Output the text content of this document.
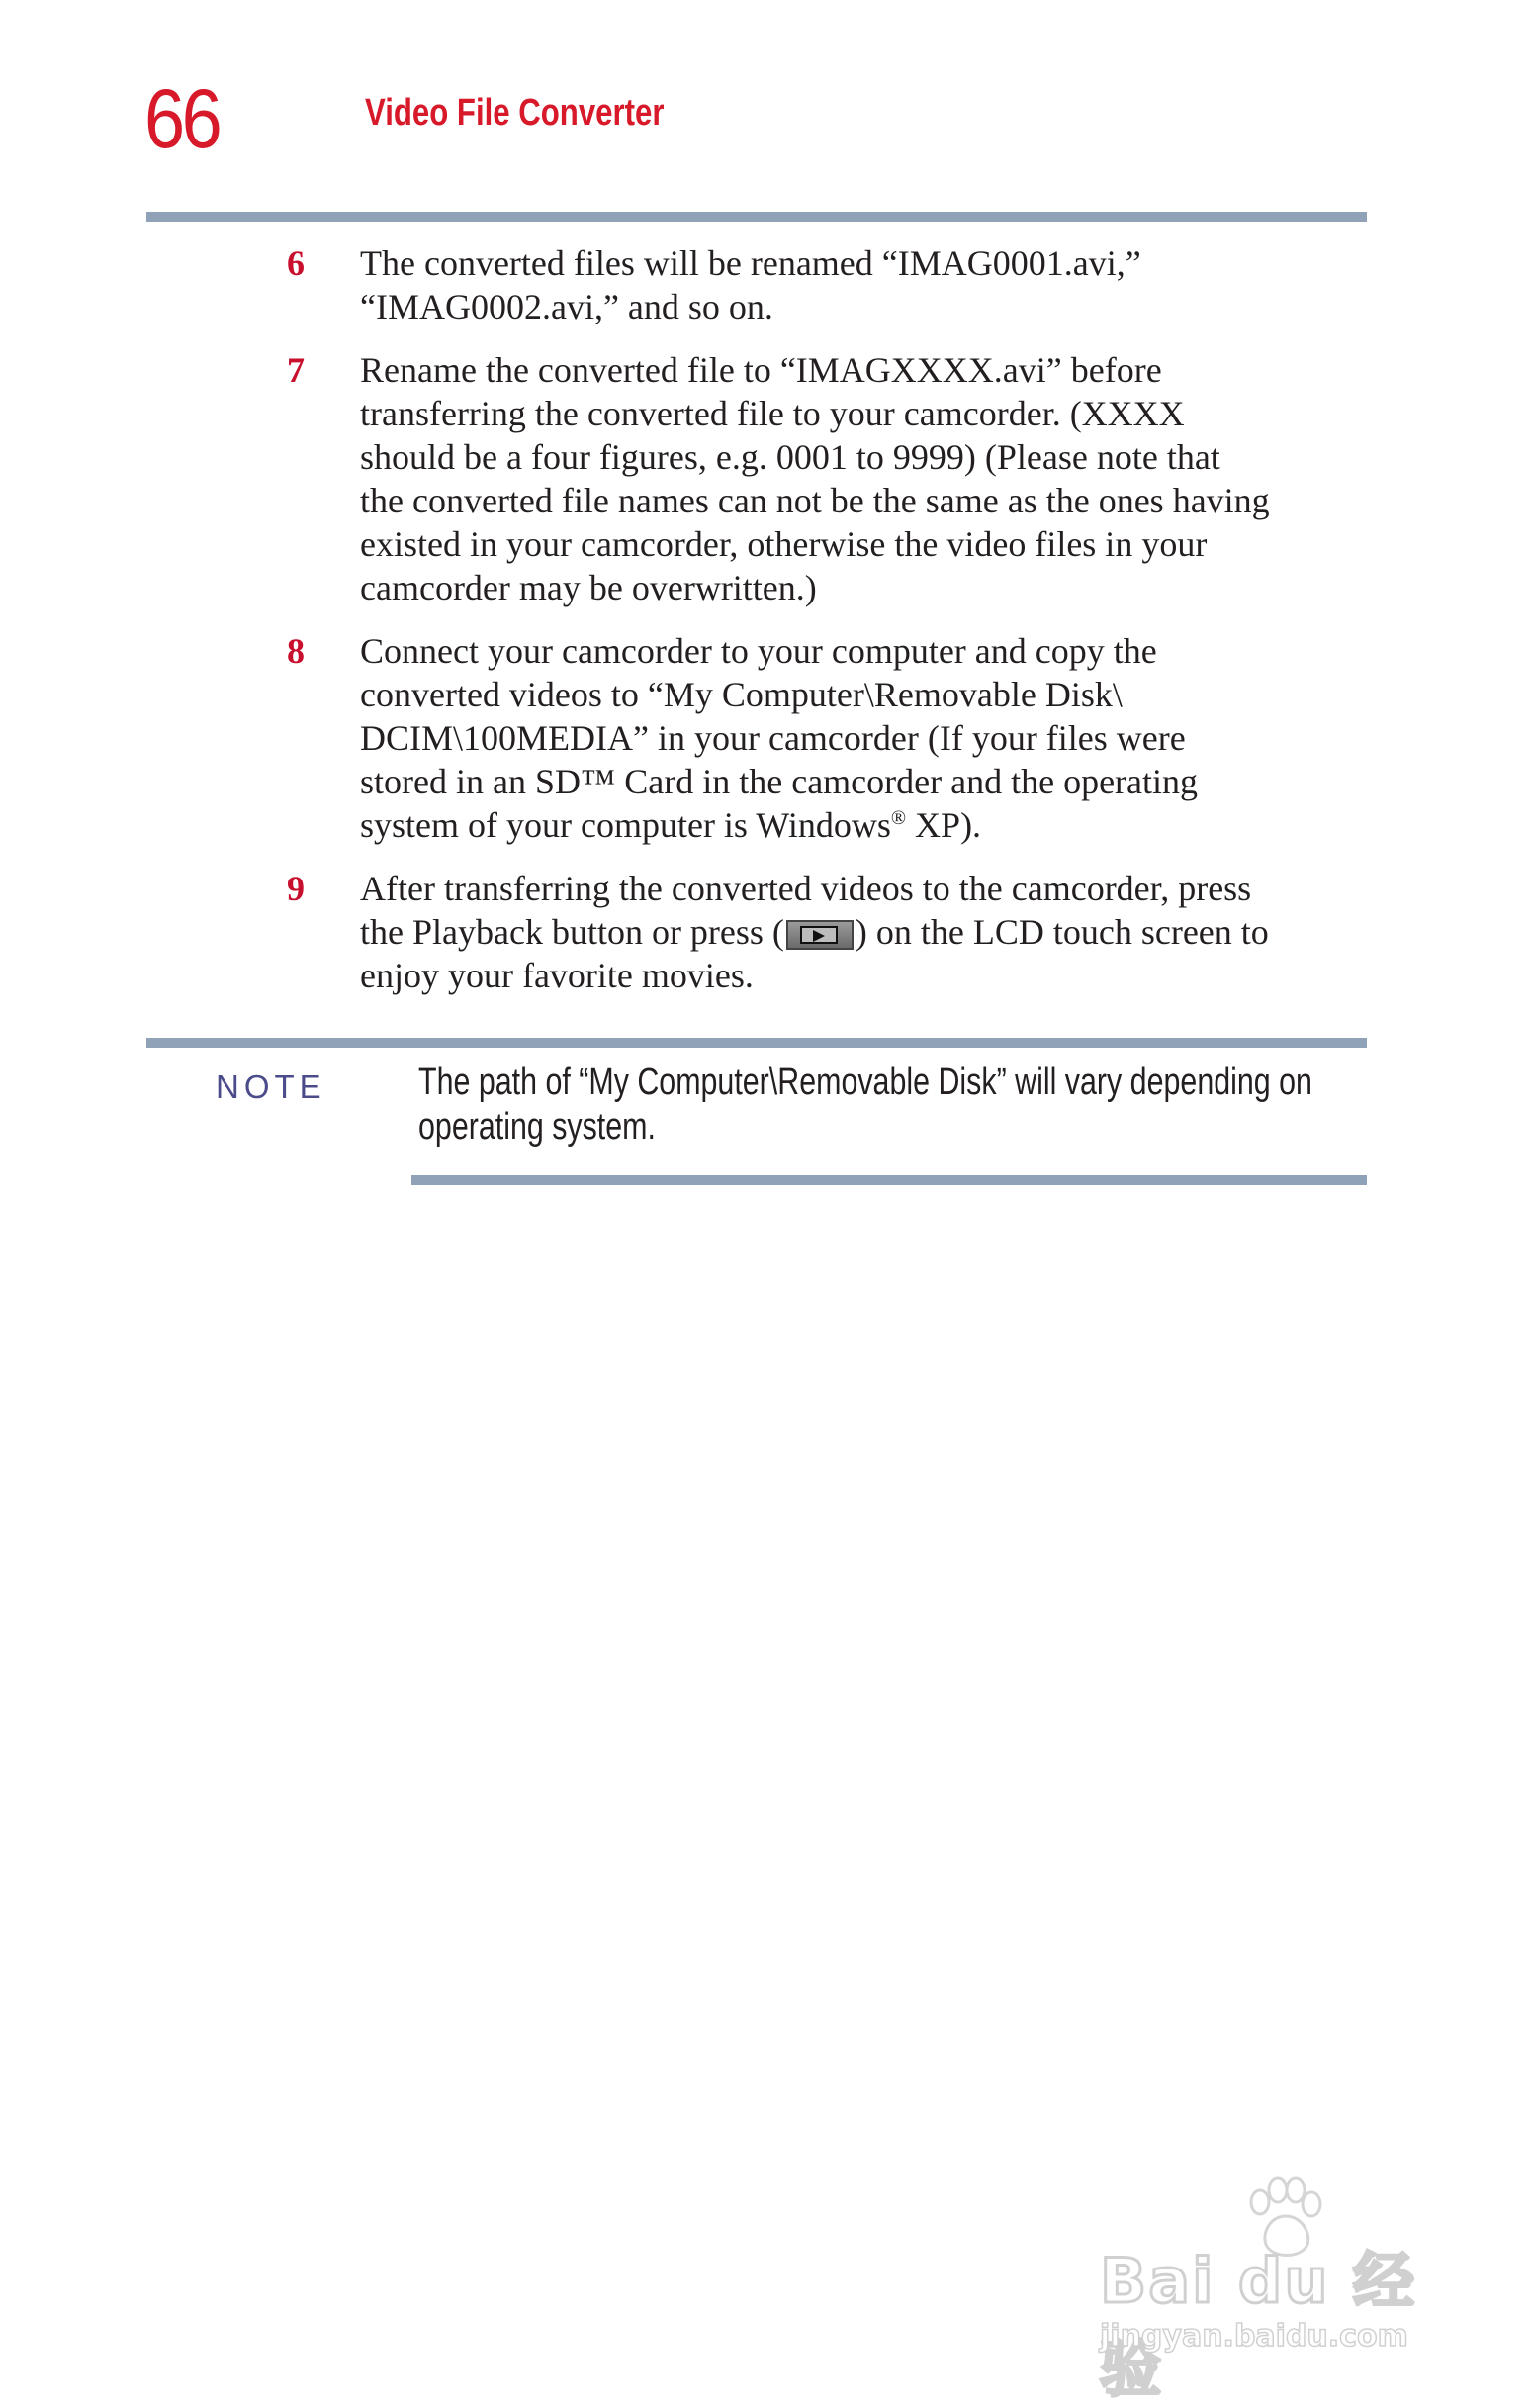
66	Video File Converter
6 The converted files will be renamed “IMAG0001.avi,”
“IMAG0002.avi,” and so on.
7 Rename the converted file to “IMAGXXXX.avi” before
transferring the converted file to your camcorder. (XXXX
should be a four figures, e.g. 0001 to 9999) (Please note that
the converted file names can not be the same as the ones having
existed in your camcorder, otherwise the video files in your
camcorder may be overwritten.)
8 Connect your camcorder to your computer and copy the
converted videos to “My Computer\Removable Disk\
DCIM\100MEDIA” in your camcorder (If your files were
stored in an SD™ Card in the camcorder and the operating
system of your computer is Windows® XP).
9 After transferring the converted videos to the camcorder, press
the Playback button or press ( ) on the LCD touch screen to
enjoy your favorite movies.
NOTE The path of “My Computer\Removable Disk” will vary depending on operating system.
Bai du 经验
jingyan.baidu.com
